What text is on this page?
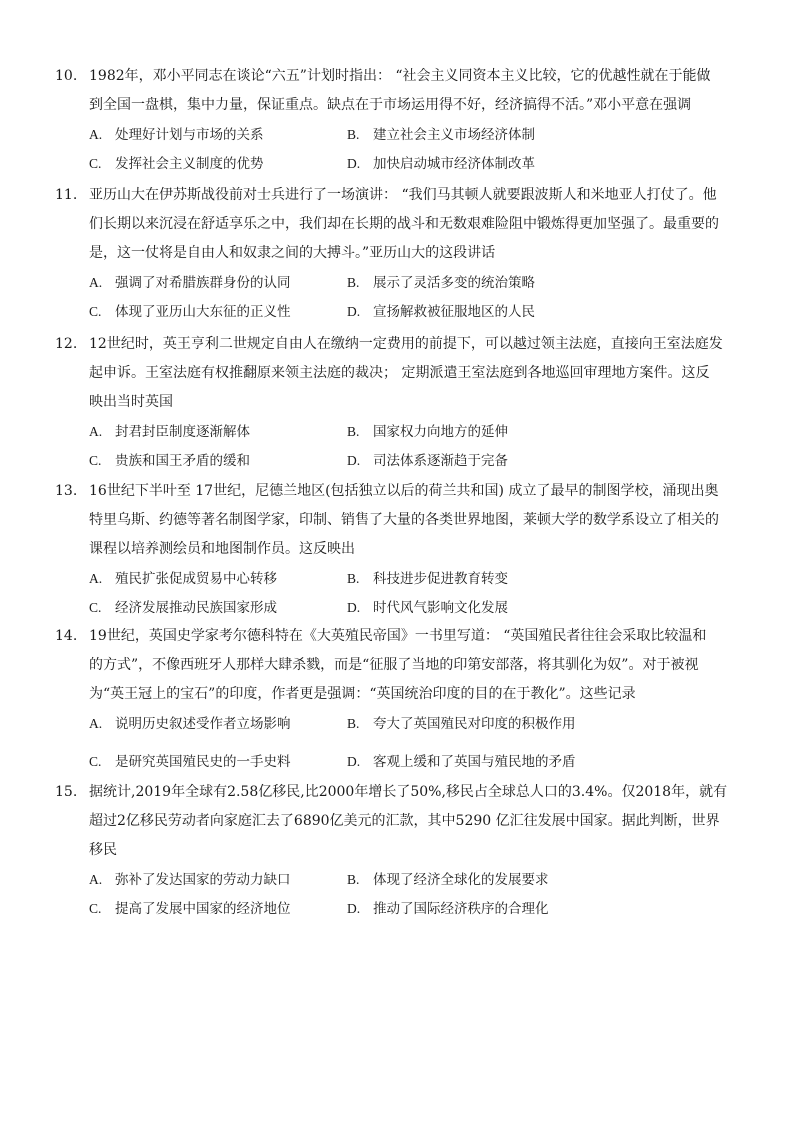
10. 1982年，邓小平同志在谈论“六五”计划时指出： “社会主义同资本主义比较，它的优越性就在于能做
到全国一盘棋，集中力量，保证重点。缺点在于市场运用得不好，经济搞得不活。”邓小平意在强调
A. 处理好计划与市场的关系	B. 建立社会主义市场经济体制
C. 发挥社会主义制度的优势	D. 加快启动城市经济体制改革
11. 亚历山大在伊苏斯战役前对士兵进行了一场演讲： “我们马其顿人就要跟波斯人和米地亚人打仗了。他
们长期以来沉浸在舒适享乐之中，我们却在长期的战斗和无数艰难险阻中锻炼得更加坚强了。最重要的
是，这一仗将是自由人和奴隶之间的大搏斗。”亚历山大的这段讲话
A. 强调了对希腊族群身份的认同	B. 展示了灵活多变的统治策略
C. 体现了亚历山大东征的正义性	D. 宣扬解救被征服地区的人民
12. 12世纪时，英王亨利二世规定自由人在缴纳一定费用的前提下，可以越过领主法庭，直接向王室法庭发
起申诉。王室法庭有权推翻原来领主法庭的裁决； 定期派遣王室法庭到各地巡回审理地方案件。这反
映出当时英国
A. 封君封臣制度逐渐解体	B. 国家权力向地方的延伸
C. 贵族和国王矛盾的缓和	D. 司法体系逐渐趋于完备
13. 16世纪下半叶至 17世纪，尼德兰地区(包括独立以后的荷兰共和国) 成立了最早的制图学校，涌现出奥
特里乌斯、约德等著名制图学家，印制、销售了大量的各类世界地图，莱顿大学的数学系设立了相关的
课程以培养测绘员和地图制作员。这反映出
A. 殖民扩张促成贸易中心转移	B. 科技进步促进教育转变
C. 经济发展推动民族国家形成	D. 时代风气影响文化发展
14. 19世纪，英国史学家考尔德科特在《大英殖民帝国》一书里写道： “英国殖民者往往会采取比较温和
的方式”，不像西班牙人那样大肆杀戮，而是“征服了当地的印第安部落，将其驯化为奴”。对于被视
为“英王冠上的宝石”的印度，作者更是强调：“英国统治印度的目的在于教化”。这些记录
A. 说明历史叙述受作者立场影响	B. 夸大了英国殖民对印度的积极作用
C. 是研究英国殖民史的一手史料	D. 客观上缓和了英国与殖民地的矛盾
15. 据统计,2019年全球有2.58亿移民,比2000年增长了50%,移民占全球总人口的3.4%。仅2018年，就有
超过2亿移民劳动者向家庭汇去了6890亿美元的汇款，其中5290 亿汇往发展中国家。据此判断，世界
移民
A. 弥补了发达国家的劳动力缺口	B. 体现了经济全球化的发展要求
C. 提高了发展中国家的经济地位	D. 推动了国际经济秩序的合理化
